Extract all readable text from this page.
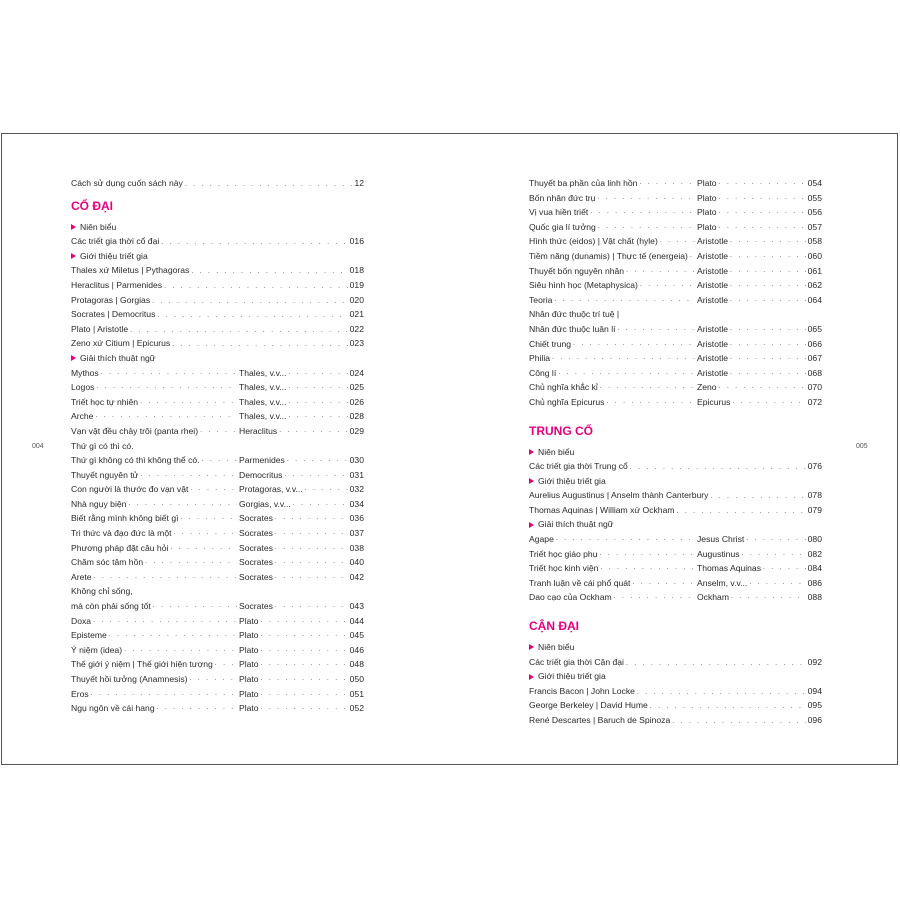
004	005
Cách sử dụng cuốn sách này . . .	12
CỔ ĐẠI
Niên biểu
Các triết gia thời cổ đại . . .	016
Giới thiệu triết gia
Thales xứ Miletus | Pythagoras . . .	018
Heraclitus | Parmenides . . .	019
Protagoras | Gorgias . . .	020
Socrates | Democritus . . .	021
Plato | Aristotle . . .	022
Zeno xứ Citium | Epicurus . . .	023
Giải thích thuật ngữ
Mythos . . .	Thales, v.v... . . .	024
Logos . . .	Thales, v.v... . . .	025
Triết học tự nhiên . . .	Thales, v.v... . . .	026
Arche . . .	Thales, v.v... . . .	028
Vạn vật đều chảy trôi (panta rhei) . . .	Heraclitus . . .	029
Thứ gì có thì có.
Thứ gì không có thì không thể có. . . .	Parmenides . . .	030
Thuyết nguyên tử . . .	Democritus . . .	031
Con người là thước đo vạn vật . . .	Protagoras, v.v... . . .	032
Nhà ngụy biện . . .	Gorgias, v.v... . . .	034
Biết rằng mình không biết gì . . .	Socrates . . .	036
Tri thức và đạo đức là một . . .	Socrates . . .	037
Phương pháp đặt câu hỏi . . .	Socrates . . .	038
Chăm sóc tâm hồn . . .	Socrates . . .	040
Arete . . .	Socrates . . .	042
Không chỉ sống,
mà còn phải sống tốt . . .	Socrates . . .	043
Doxa . . .	Plato . . .	044
Episteme . . .	Plato . . .	045
Ý niệm (idea) . . .	Plato . . .	046
Thế giới ý niệm | Thế giới hiện tượng . . .	Plato . . .	048
Thuyết hồi tưởng (Anamnesis) . . .	Plato . . .	050
Eros . . .	Plato . . .	051
Ngụ ngôn về cái hang . . .	Plato . . .	052
Thuyết ba phần của linh hồn . . .	Plato . . .	054
Bốn nhân đức trụ . . .	Plato . . .	055
Vị vua hiền triết . . .	Plato . . .	056
Quốc gia lí tưởng . . .	Plato . . .	057
Hình thức (eidos) | Vật chất (hyle) . . .	Aristotle . . .	058
Tiềm năng (dunamis) | Thực tế (energeia) . . . Aristotle . . .	060
Thuyết bốn nguyên nhân . . .	Aristotle . . .	061
Siêu hình học (Metaphysica) . . .	Aristotle . . .	062
Teoria . . .	Aristotle . . .	064
Nhân đức thuộc trí tuệ |
Nhân đức thuộc luân lí . . .	Aristotle . . .	065
Chiết trung . . .	Aristotle . . .	066
Philia . . .	Aristotle . . .	067
Công lí . . .	Aristotle . . .	068
Chủ nghĩa khắc kỉ . . .	Zeno . . .	070
Chủ nghĩa Epicurus . . .	Epicurus . . .	072
TRUNG CỔ
Niên biểu
Các triết gia thời Trung cổ . . .	076
Giới thiệu triết gia
Aurelius Augustinus | Anselm thành Canterbury . . .	078
Thomas Aquinas | William xứ Ockham . . .	079
Giải thích thuật ngữ
Agape . . .	Jesus Christ . . .	080
Triết học giáo phụ . . .	Augustinus . . .	082
Triết học kinh viện . . .	Thomas Aquinas . . .	084
Tranh luận về cái phổ quát . . .	Anselm, v.v... . . .	086
Dao cạo của Ockham . . .	Ockham . . .	088
CẬN ĐẠI
Niên biểu
Các triết gia thời Cận đại . . .	092
Giới thiệu triết gia
Francis Bacon | John Locke . . .	094
George Berkeley | David Hume . . .	095
René Descartes | Baruch de Spinoza . . .	096
